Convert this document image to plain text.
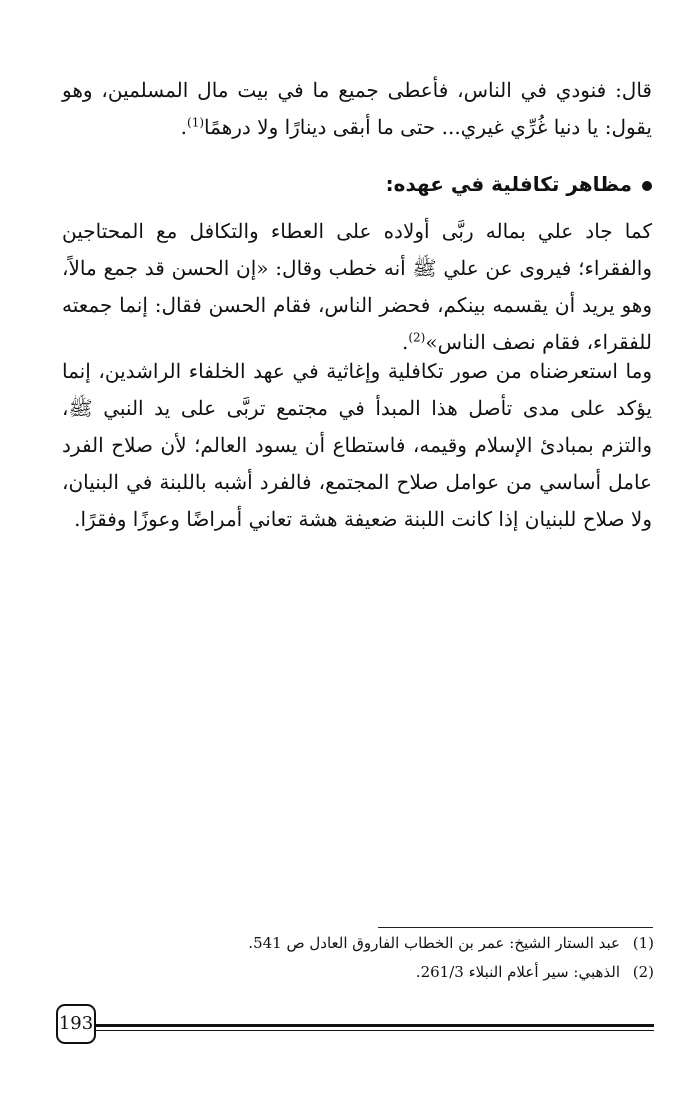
قال: فنودي في الناس، فأعطى جميع ما في بيت مال المسلمين، وهو يقول: يا دنيا غُرِّي غيري... حتى ما أبقى دينارًا ولا درهمًا$^{(1)}$.

مظاهر تكافلية في عهده:

كما جاد علي بماله ربَّى أولاده على العطاء والتكافل مع المحتاجين والفقراء؛ فيروى عن علي ﷺ أنه خطب وقال: «إن الحسن قد جمع مالاً، وهو يريد أن يقسمه بينكم، فحضر الناس، فقام الحسن فقال: إنما جمعته للفقراء، فقام نصف الناس»$^{(2)}$.

وما استعرضناه من صور تكافلية وإغاثية في عهد الخلفاء الراشدين، إنما يؤكد على مدى تأصل هذا المبدأ في مجتمع تربَّى على يد النبي ﷺ، والتزم بمبادئ الإسلام وقيمه، فاستطاع أن يسود العالم؛ لأن صلاح الفرد عامل أساسي من عوامل صلاح المجتمع، فالفرد أشبه باللبنة في البنيان، ولا صلاح للبنيان إذا كانت اللبنة ضعيفة هشة تعاني أمراضًا وعوزًا وفقرًا.

(1)عبد الستار الشيخ: عمر بن الخطاب الفاروق العادل ص 541.
(2)الذهبي: سير أعلام النبلاء 261/3.
193
